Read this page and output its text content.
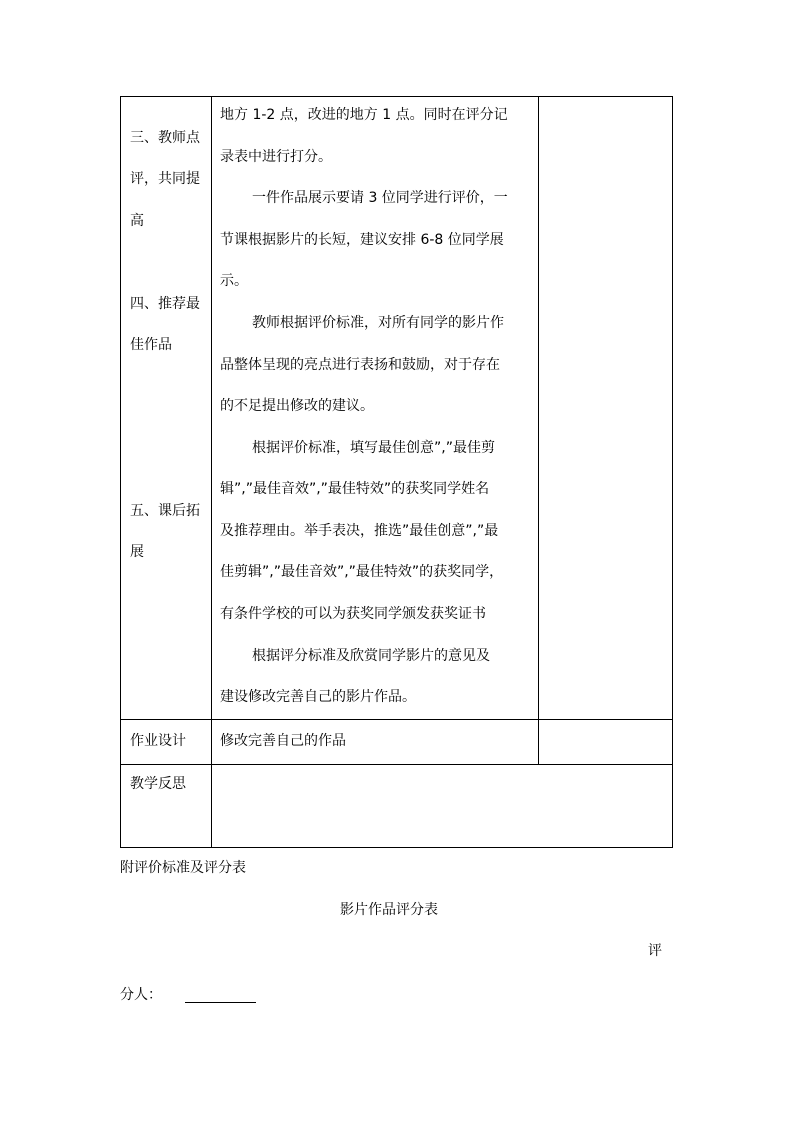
三、教师点
评，共同提
高
四、推荐最
佳作品
五、课后拓
展
地方 1-2 点，改进的地方 1 点。同时在评分记
录表中进行打分。
一件作品展示要请 3 位同学进行评价，一
节课根据影片的长短，建议安排 6-8 位同学展
示。
教师根据评价标准，对所有同学的影片作
品整体呈现的亮点进行表扬和鼓励，对于存在
的不足提出修改的建议。
根据评价标准，填写最佳创意”,”最佳剪
辑”,”最佳音效”,”最佳特效”的获奖同学姓名
及推荐理由。举手表决，推选”最佳创意”,”最
佳剪辑”,”最佳音效”,”最佳特效”的获奖同学，
有条件学校的可以为获奖同学颁发获奖证书
根据评分标准及欣赏同学影片的意见及
建设修改完善自己的影片作品。
作业设计 修改完善自己的作品
教学反思
附评价标准及评分表
影片作品评分表
评
分人：
